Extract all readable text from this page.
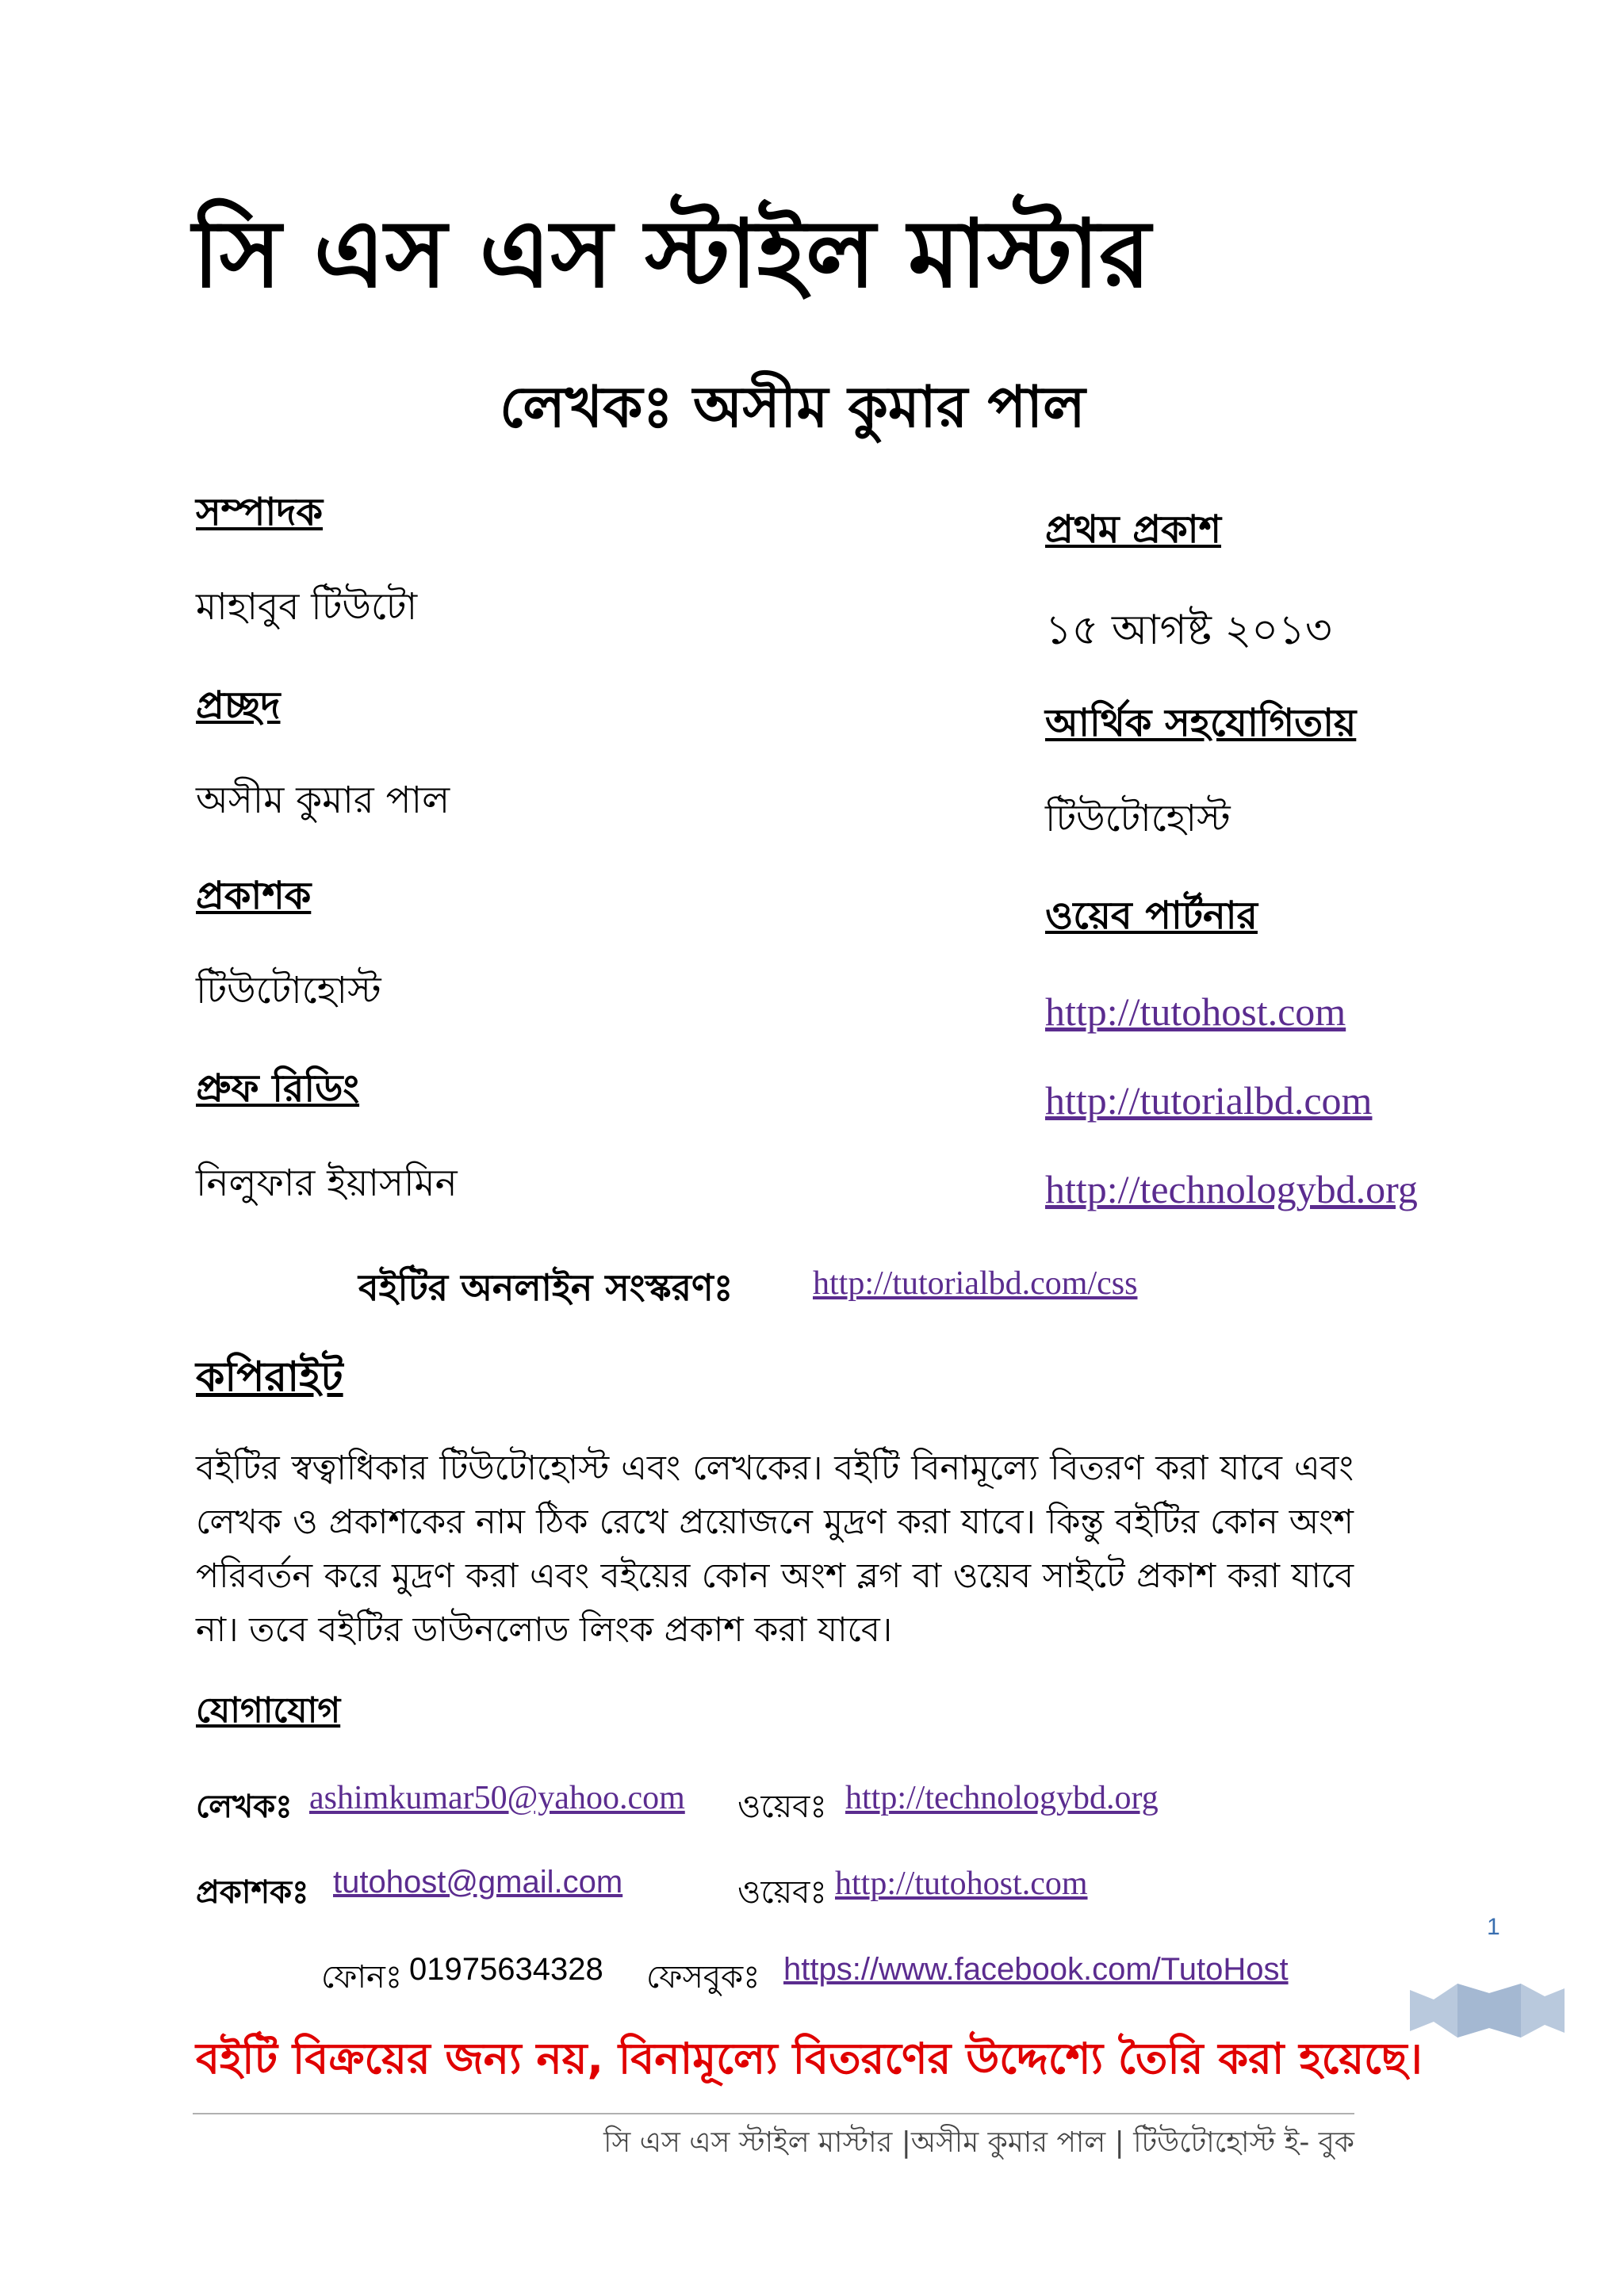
সি এস এস স্টাইল মাস্টার
লেখকঃ অসীম কুমার পাল
সম্পাদক
মাহাবুব টিউটো
প্রচ্ছদ
অসীম কুমার পাল
প্রকাশক
টিউটোহোস্ট
প্রুফ রিডিং
নিলুফার ইয়াসমিন
প্রথম প্রকাশ
১৫ আগষ্ট ২০১৩
আর্থিক সহযোগিতায়
টিউটোহোস্ট
ওয়েব পার্টনার
http://tutohost.com
http://tutorialbd.com
http://technologybd.org
বইটির অনলাইন সংস্করণঃ http://tutorialbd.com/css
কপিরাইট
বইটির স্বত্বাধিকার টিউটোহোস্ট এবং লেখকের। বইটি বিনামূল্যে বিতরণ করা যাবে এবং লেখক ও প্রকাশকের নাম ঠিক রেখে প্রয়োজনে মুদ্রণ করা যাবে। কিন্তু বইটির কোন অংশ পরিবর্তন করে মুদ্রণ করা এবং বইয়ের কোন অংশ ব্লগ বা ওয়েব সাইটে প্রকাশ করা যাবে না। তবে বইটির ডাউনলোড লিংক প্রকাশ করা যাবে।
যোগাযোগ
লেখকঃ ashimkumar50@yahoo.com ওয়েবঃ http://technologybd.org
প্রকাশকঃ tutohost@gmail.com	ওয়েবঃ http://tutohost.com
ফোনঃ 01975634328 ফেসবুকঃ https://www.facebook.com/TutoHost
1
বইটি বিক্রয়ের জন্য নয়, বিনামূল্যে বিতরণের উদ্দেশ্যে তৈরি করা হয়েছে।
সি এস এস স্টাইল মাস্টার |অসীম কুমার পাল | টিউটোহোস্ট ই- বুক
